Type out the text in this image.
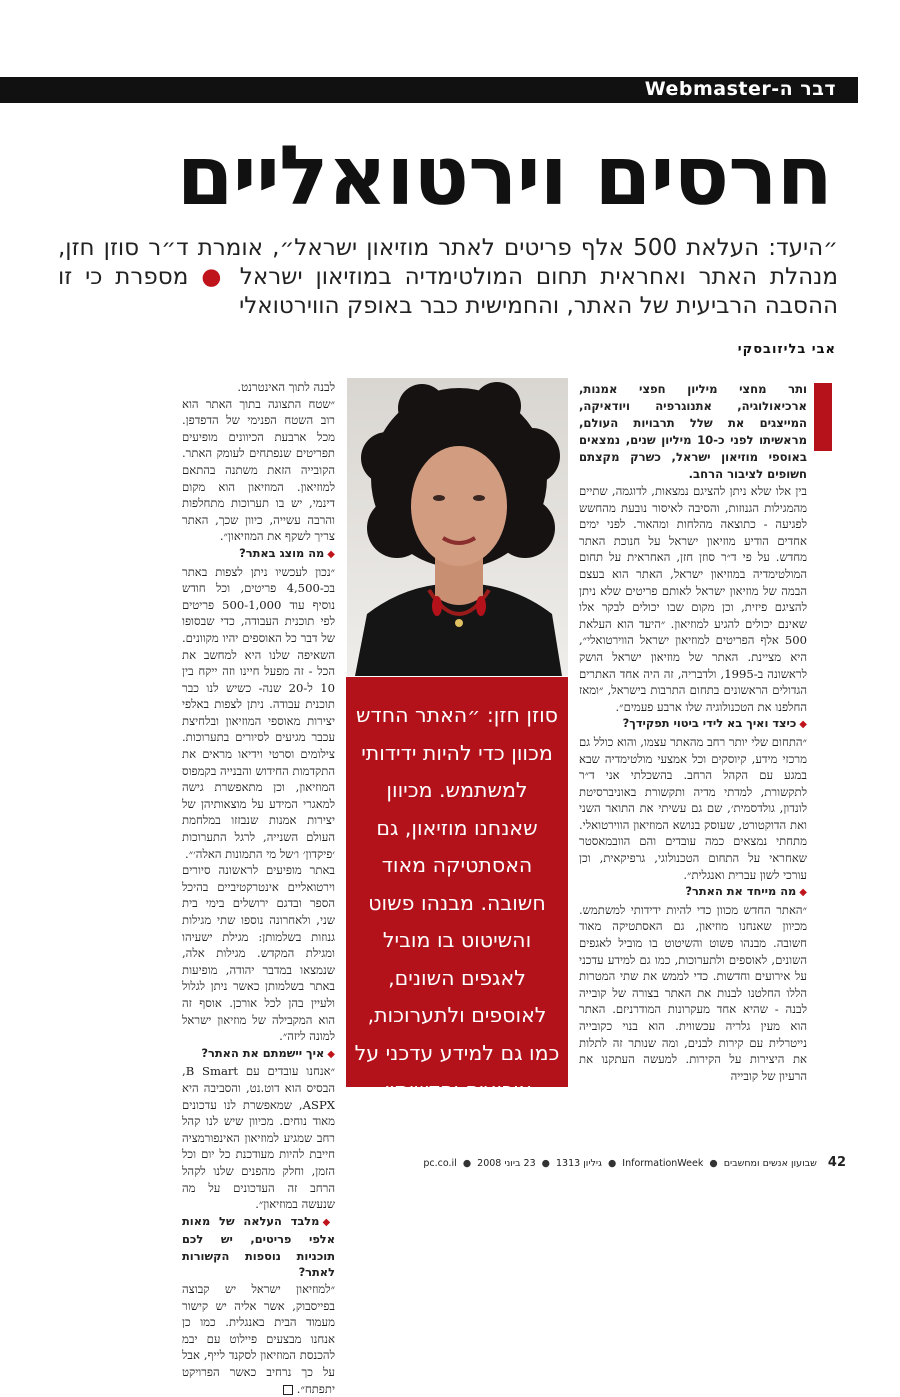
דבר ה-Webmaster
חרסים וירטואליים
״היעד: העלאת 500 אלף פריטים לאתר מוזיאון ישראל״, אומרת ד״ר סוזן חזן, מנהלת האתר ואחראית תחום המולטימדיה במוזיאון ישראל ● מספרת כי זו ההסבה הרביעית של האתר, והחמישית כבר באופק הווירטואלי
אבי בליזובסקי

ותר מחצי מיליון חפצי אמנות, ארכיאולוגיה, אתנוגרפיה ויודאיקה, המייצגים את שלל תרבויות העולם, מראשיתו לפני כ-10 מיליון שנים, נמצאים באוספי מוזיאון ישראל, כשרק מקצתם חשופים לציבור הרחב.

בין אלו שלא ניתן להציגם נמצאות, לדוגמה, שתיים מהמגילות הגנוזות, והסיבה לאיסור נובעת מהחשש לפגיעה - כתוצאה מהלחות ומהאור. לפני ימים אחדים הודיע מוזיאון ישראל על חנוכת האתר מחדש. על פי ד״ר סוזן חזן, האחראית על תחום המולטימדיה במוזיאון ישראל, האתר הוא בעצם הבמה של מוזיאון ישראל לאותם פריטים שלא ניתן להציגם פיזית, וכן מקום שבו יכולים לבקר אלו שאינם יכולים להגיע למוזיאון. ״היעד הוא העלאת 500 אלף הפריטים למוזיאון ישראל הווירטואלי״, היא מציינת. האתר של מוזיאון ישראל הושק לראשונה ב-1995, ולדבריה, זה היה אחד האתרים הגדולים הראשונים בתחום התרבות בישראל, ״ומאז החלפנו את הטכנולוגיה שלו ארבע פעמים״.

◆כיצד ואיך בא לידי ביטוי תפקידך?

״התחום שלי יותר רחב מהאתר עצמו, והוא כולל גם מרכזי מידע, קיוסקים וכל אמצעי מולטימדיה שבא במגע עם הקהל הרחב. בהשכלתי אני ד״ר לתקשורת, למדתי מדיה ותקשורת באוניברסיטת לונדון, גולדסמית׳, שם גם עשיתי את התואר השני ואת הדוקטורט, שעוסק בנושא המוזיאון הווירטואלי. מתחתי נמצאים כמה עובדים והם הוובמאסטר שאחראי על התחום הטכנולוגי, גרפיקאית, וכן עורכי לשון עברית ואנגלית״.

◆מה מייחד את האתר?

״האתר החדש מכוון כדי להיות ידידותי למשתמש. מכיוון שאנחנו מוזיאון, גם האסתטיקה מאוד חשובה. מבנהו פשוט והשיטוט בו מוביל לאגפים השונים, לאוספים ולתערוכות, כמו גם למידע עדכני על אירועים וחדשות. כדי לממש את שתי המטרות הללו החלטנו לבנות את האתר בצורה של קובייה לבנה - שהיא אחד מעקרונות המודרניזם. האתר הוא מעין גלריה עכשווית. הוא בנוי כקובייה נייטרלית עם קירות לבנים, ומה שנותר זה לתלות את היצירות על הקירות. למעשה העתקנו את הרעיון של קובייה

סוזן חזן: ״האתר החדש מכוון כדי להיות ידידותי למשתמש. מכיוון שאנחנו מוזיאון, גם האסתטיקה מאוד חשובה. מבנהו פשוט והשיטוט בו מוביל לאגפים השונים, לאוספים ולתערוכות, כמו גם למידע עדכני על אירועים וחדשות״

לבנה לתוך האינטרנט.

״שטח התצוגה בתוך האתר הוא רוב השטח הפנימי של הדפדפן. מכל ארבעת הכיוונים מופיעים תפריטים שנפתחים לעומק האתר. הקובייה הזאת משתנה בהתאם למוזיאון. המוזיאון הוא מקום דינמי, יש בו תערוכות מתחלפות והרבה עשייה, כיוון שכך, האתר צריך לשקף את המוזיאון״.

◆מה מוצג באתר?

״נכון לעכשיו ניתן לצפות באתר בכ-4,500 פריטים, וכל חודש נוסיף עוד 500-1,000 פריטים לפי תוכנית העבודה, כדי שבסופו של דבר כל האוספים יהיו מקוונים. השאיפה שלנו היא למחשב את הכל - זה מפעל חיינו וזה ייקח בין 10 ל-20 שנה- כשיש לנו כבר תוכנית עבודה. ניתן לצפות באלפי יצירות מאוספי המוזיאון ובלחיצת עכבר מגיעים לסיורים בתערוכות. צילומים וסרטי וידיאו מראים את התקדמות החידוש והבנייה בקמפוס המוזיאון, וכן מתאפשרת גישה למאגרי המידע על מוצאותיהן של יצירות אמנות שנבזזו במלחמת העולם השנייה, לרגל התערוכות ׳פיקדון׳ ו׳של מי התמונות האלה׳״.

באתר מופיעים לראשונה סיורים וירטואליים אינטרקטיביים בהיכל הספר ובדגם ירושלים בימי בית שני, ולאחרונה נוספו שתי מגילות גנוזות בשלמותן: מגילת ישעיהו ומגילת המקדש. מגילות אלה, שנמצאו במדבר יהודה, מופיעות באתר בשלמותן כאשר ניתן לגלול ולעיין בהן לכל אורכן. אוסף זה הוא המקבילה של מוזיאון ישראל למונה ליזה״.

◆איך יישמתם את האתר?

״אנחנו עובדים עם B Smart, הבסיס הוא דוט.נט, והסביבה היא ASPX, שמאפשרת לנו עדכונים מאוד נוחים. מכיוון שיש לנו קהל רחב שמגיע למוזיאון האינפורמציה חייבת להיות מעודכנת כל יום וכל הזמן, וחלק מהפנים שלנו לקהל הרחב זה העדכונים על מה שנעשה במוזיאון״.

◆מלבד העלאה של מאות אלפי פריטים, יש לכם תוכניות נוספות הקשורות לאתר?

״למוזיאון ישראל יש קבוצה בפייסבוק, אשר אליה יש קישור מעמוד הבית באנגלית. כמו כן אנחנו מבצעים פיילוט עם יבמ להכנסת המוזיאון לסקנד לייף, אבל על כך נרחיב כאשר הפרויקט יתפתח״.

42 שבועון אנשים ומחשבים ● InformationWeek ● גיליון 1313 ● 23 ביוני 2008 ● pc.co.il
